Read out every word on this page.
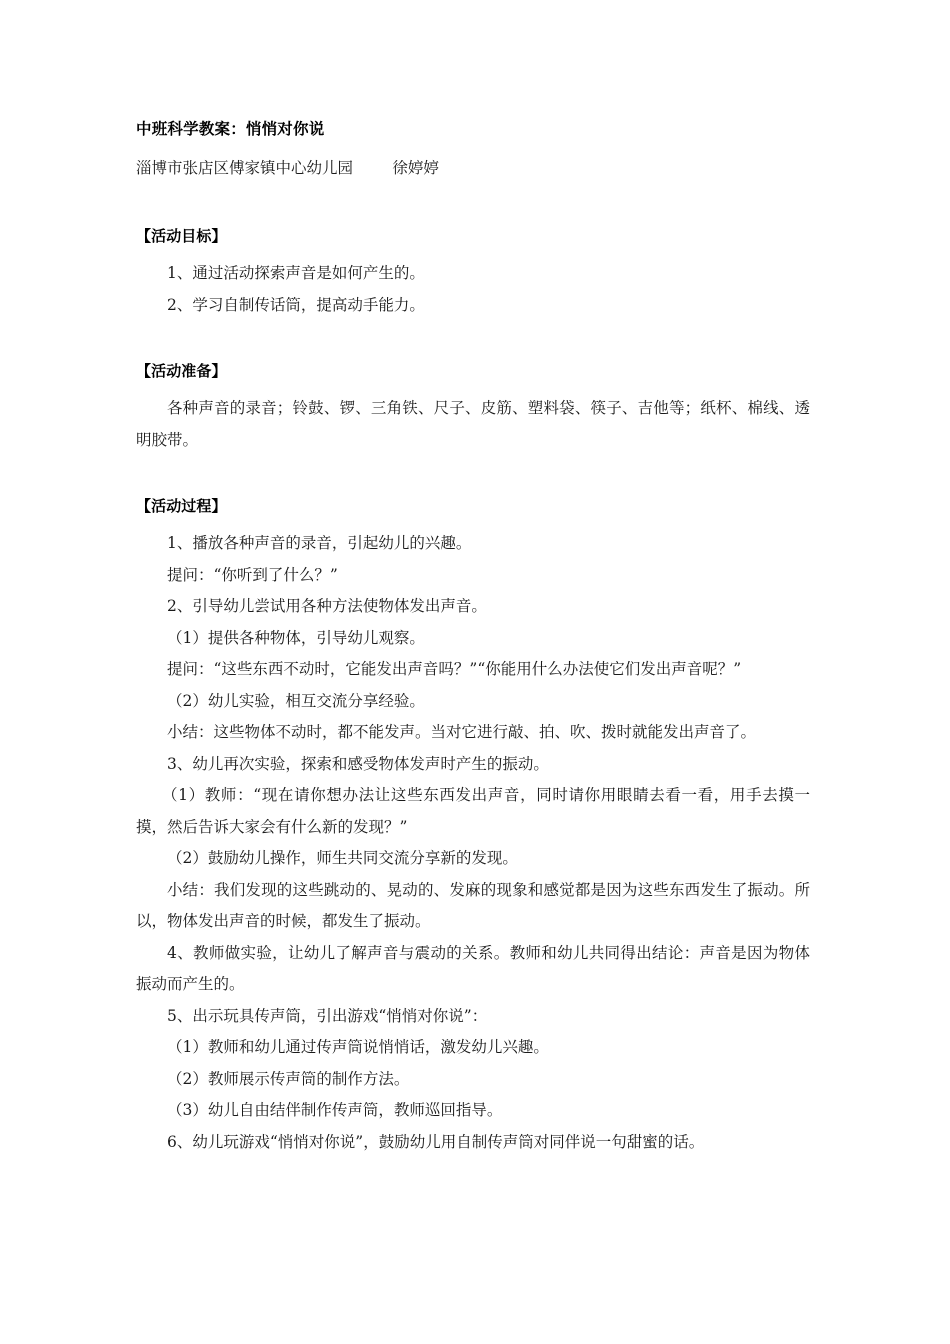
中班科学教案：悄悄对你说

淄博市张店区傅家镇中心幼儿园        徐婷婷

【活动目标】

1、通过活动探索声音是如何产生的。

2、学习自制传话筒，提高动手能力。

【活动准备】

各种声音的录音；铃鼓、锣、三角铁、尺子、皮筋、塑料袋、筷子、吉他等；纸杯、棉线、透明胶带。

【活动过程】

1、播放各种声音的录音，引起幼儿的兴趣。

提问：“你听到了什么？”

2、引导幼儿尝试用各种方法使物体发出声音。

（1）提供各种物体，引导幼儿观察。

提问：“这些东西不动时，它能发出声音吗？”“你能用什么办法使它们发出声音呢？”

（2）幼儿实验，相互交流分享经验。

小结：这些物体不动时，都不能发声。当对它进行敲、拍、吹、拨时就能发出声音了。

3、幼儿再次实验，探索和感受物体发声时产生的振动。

（1）教师：“现在请你想办法让这些东西发出声音，同时请你用眼睛去看一看，用手去摸一摸，然后告诉大家会有什么新的发现？”

（2）鼓励幼儿操作，师生共同交流分享新的发现。

小结：我们发现的这些跳动的、晃动的、发麻的现象和感觉都是因为这些东西发生了振动。所以，物体发出声音的时候，都发生了振动。

4、教师做实验，让幼儿了解声音与震动的关系。教师和幼儿共同得出结论：声音是因为物体振动而产生的。

5、出示玩具传声筒，引出游戏“悄悄对你说”：

（1）教师和幼儿通过传声筒说悄悄话，激发幼儿兴趣。

（2）教师展示传声筒的制作方法。

（3）幼儿自由结伴制作传声筒，教师巡回指导。

6、幼儿玩游戏“悄悄对你说”，鼓励幼儿用自制传声筒对同伴说一句甜蜜的话。
